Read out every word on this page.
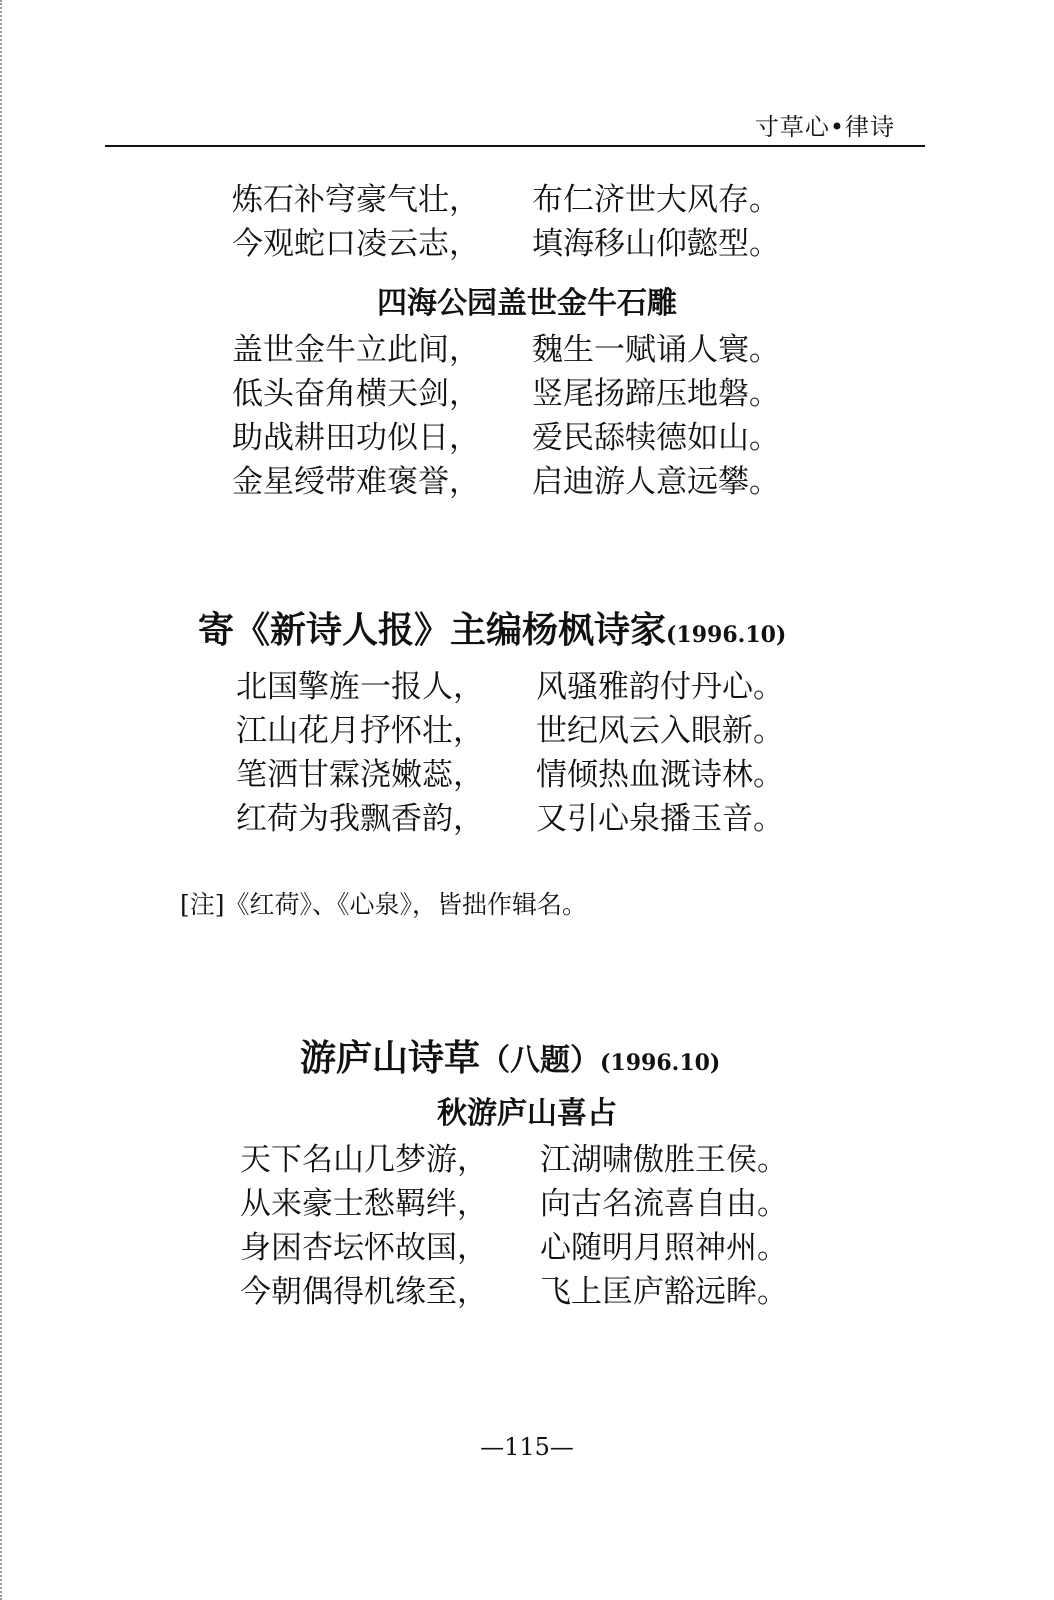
寸草心•律诗
炼石补穹豪气壮， 布仁济世大风存。
今观蛇口凌云志， 填海移山仰懿型。
四海公园盖世金牛石雕
盖世金牛立此间， 魏生一赋诵人寰。
低头奋角横天剑， 竖尾扬蹄压地磐。
助战耕田功似日， 爱民舔犊德如山。
金星绶带难褒誉， 启迪游人意远攀。
寄《新诗人报》主编杨枫诗家(1996.10)
北国擎旌一报人， 风骚雅韵付丹心。
江山花月抒怀壮， 世纪风云入眼新。
笔洒甘霖浇嫩蕊， 情倾热血溉诗林。
红荷为我飘香韵， 又引心泉播玉音。
[注]《红荷》、《心泉》，皆拙作辑名。
游庐山诗草（八题）(1996.10)
秋游庐山喜占
天下名山几梦游， 江湖啸傲胜王侯。
从来豪士愁羁绊， 向古名流喜自由。
身困杏坛怀故国， 心随明月照神州。
今朝偶得机缘至， 飞上匡庐豁远眸。
—115—
